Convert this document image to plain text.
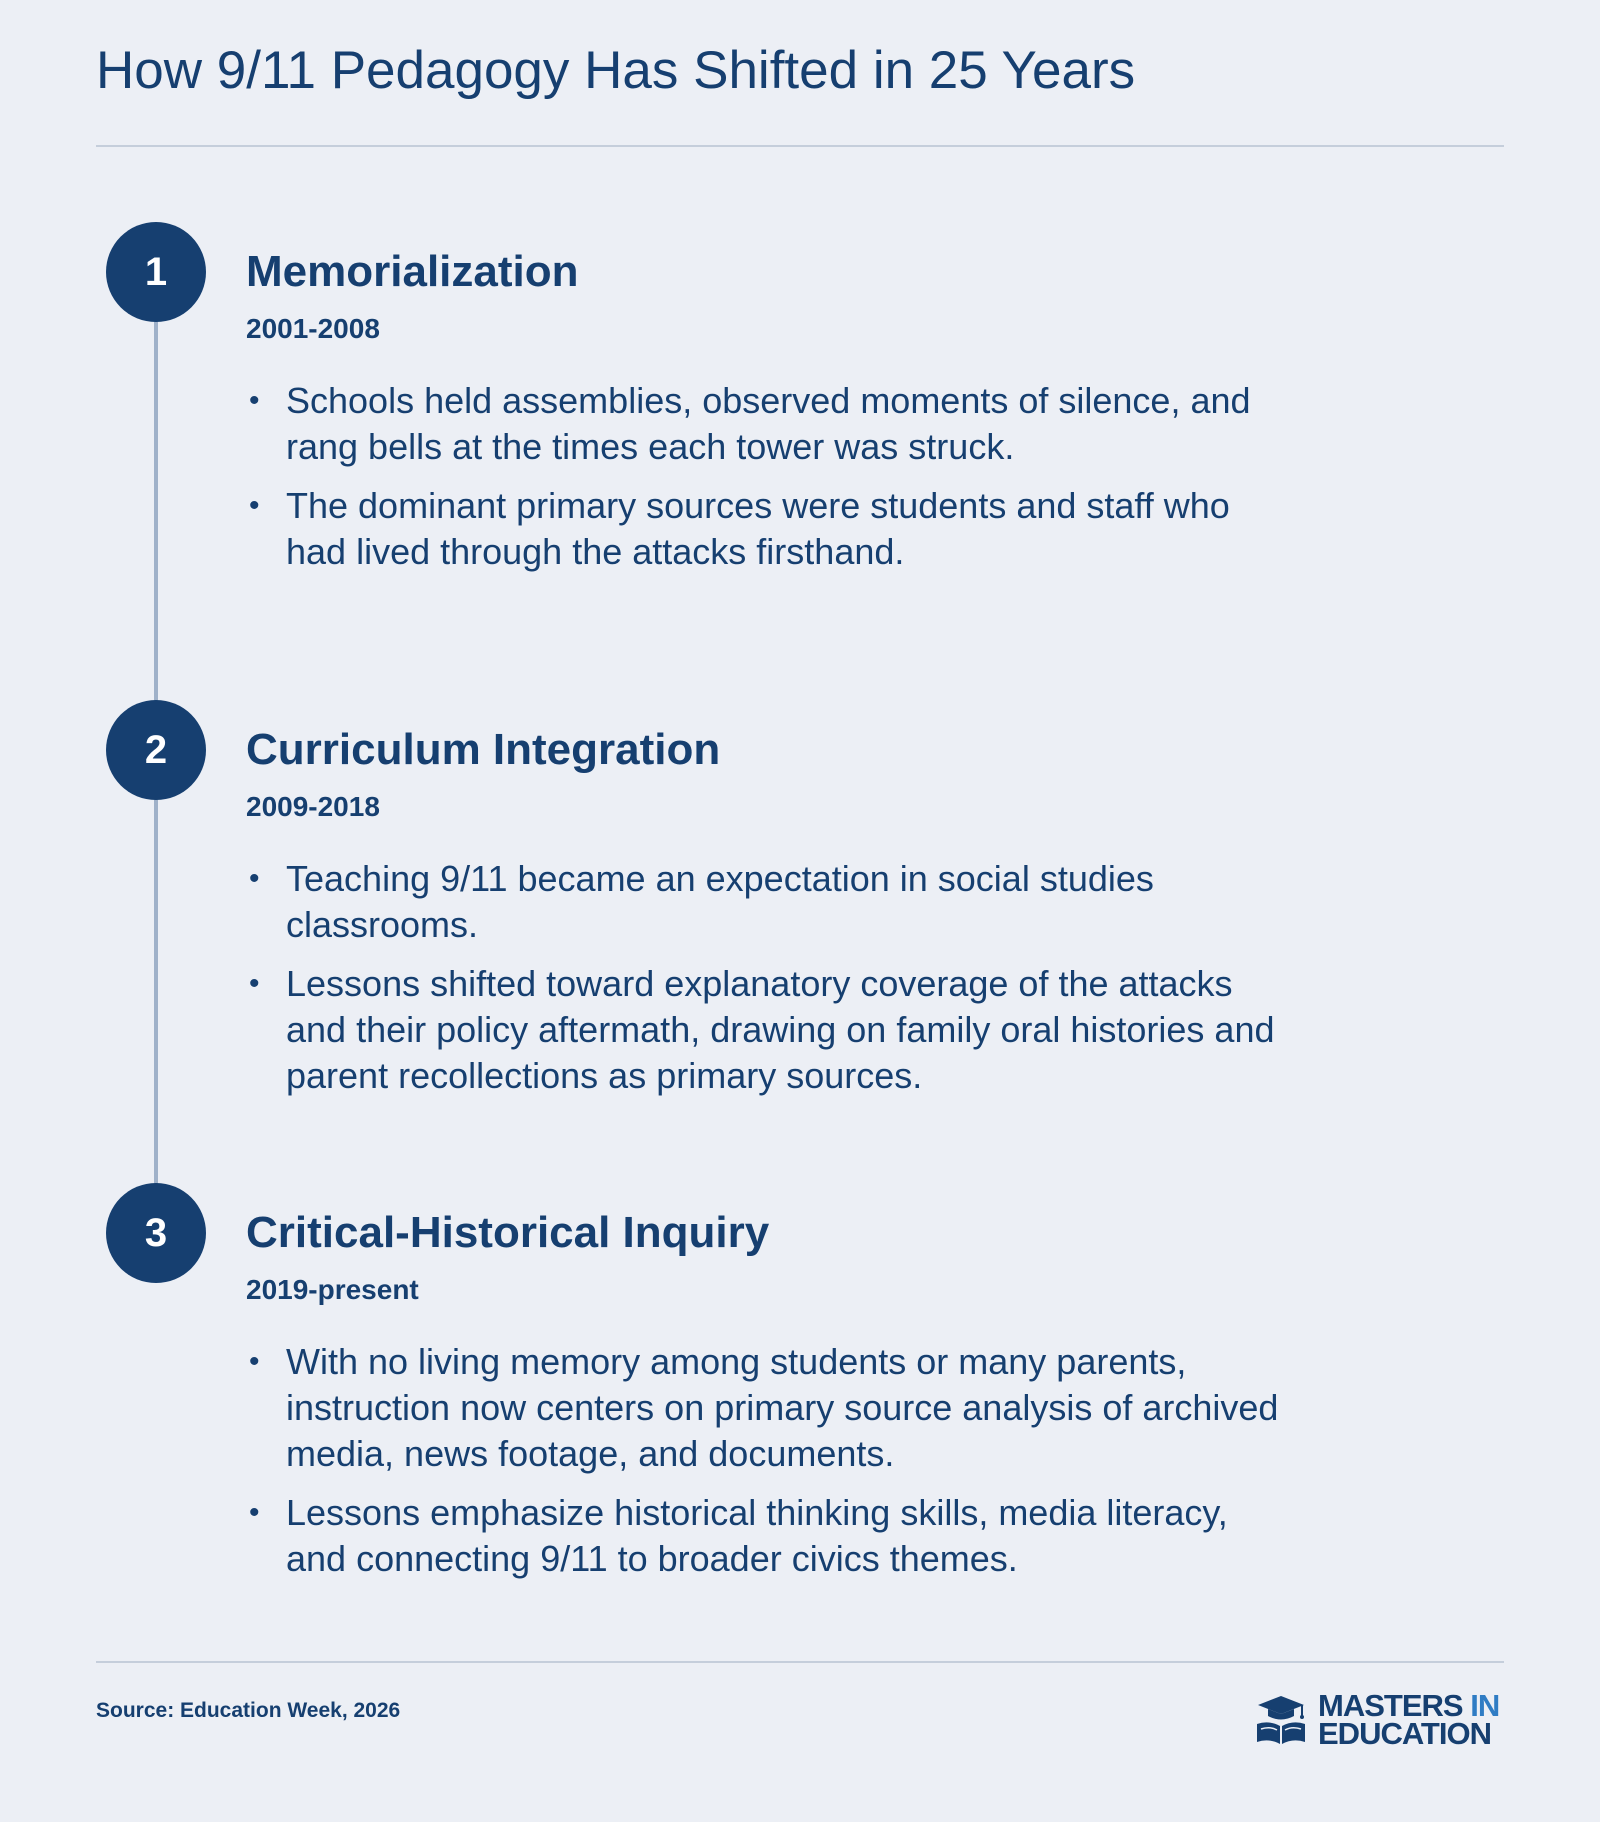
How 9/11 Pedagogy Has Shifted in 25 Years
1	Memorialization
2001-2008
• Schools held assemblies, observed moments of silence, and rang bells at the times each tower was struck.
• The dominant primary sources were students and staff who had lived through the attacks firsthand.
2	Curriculum Integration
2009-2018
• Teaching 9/11 became an expectation in social studies classrooms.
• Lessons shifted toward explanatory coverage of the attacks and their policy aftermath, drawing on family oral histories and parent recollections as primary sources.
3	Critical-Historical Inquiry
2019-present
• With no living memory among students or many parents, instruction now centers on primary source analysis of archived media, news footage, and documents.
• Lessons emphasize historical thinking skills, media literacy, and connecting 9/11 to broader civics themes.
Source: Education Week, 2026	MASTERS IN
EDUCATION
